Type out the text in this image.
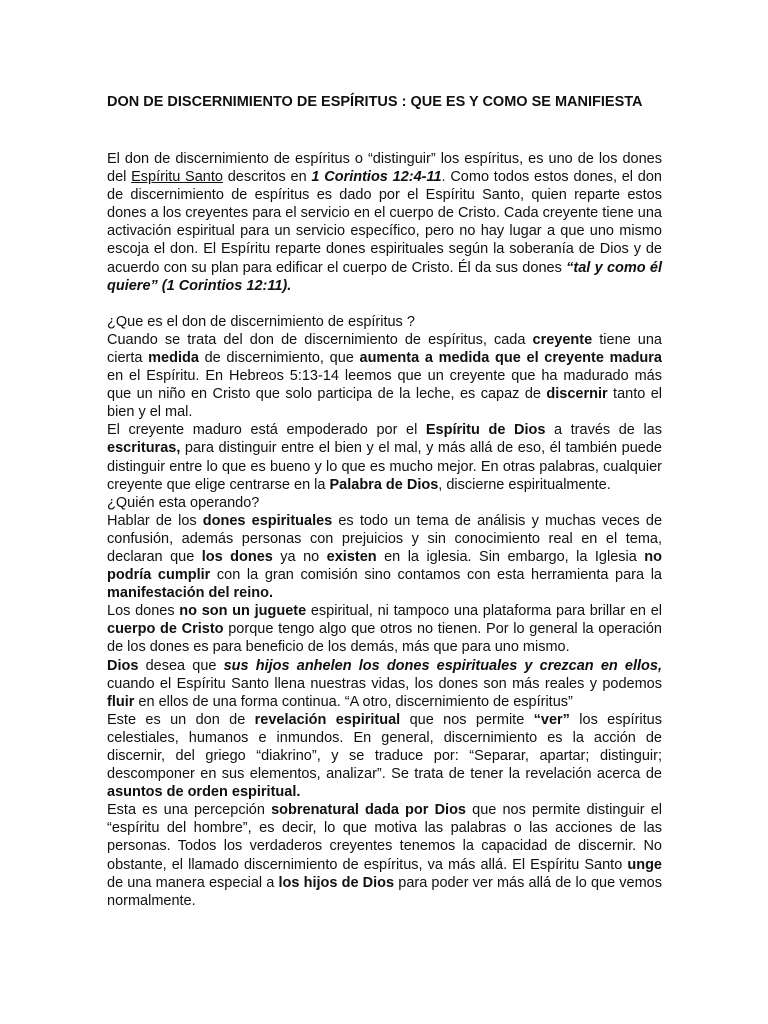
DON DE DISCERNIMIENTO DE ESPÍRITUS : QUE ES Y COMO SE MANIFIESTA

El don de discernimiento de espíritus o “distinguir” los espíritus, es uno de los dones del Espíritu Santo descritos en 1 Corintios 12:4-11. Como todos estos dones, el don de discernimiento de espíritus es dado por el Espíritu Santo, quien reparte estos dones a los creyentes para el servicio en el cuerpo de Cristo. Cada creyente tiene una activación espiritual para un servicio específico, pero no hay lugar a que uno mismo escoja el don. El Espíritu reparte dones espirituales según la soberanía de Dios y de acuerdo con su plan para edificar el cuerpo de Cristo. Él da sus dones “tal y como él quiere” (1 Corintios 12:11).

¿Que es el don de discernimiento de espíritus ?

Cuando se trata del don de discernimiento de espíritus, cada creyente tiene una cierta medida de discernimiento, que aumenta a medida que el creyente madura en el Espíritu. En Hebreos 5:13-14 leemos que un creyente que ha madurado más que un niño en Cristo que solo participa de la leche, es capaz de discernir tanto el bien y el mal.

El creyente maduro está empoderado por el Espíritu de Dios a través de las escrituras, para distinguir entre el bien y el mal, y más allá de eso, él también puede distinguir entre lo que es bueno y lo que es mucho mejor. En otras palabras, cualquier creyente que elige centrarse en la Palabra de Dios, discierne espiritualmente.

¿Quién esta operando?

Hablar de los dones espirituales es todo un tema de análisis y muchas veces de confusión, además personas con prejuicios y sin conocimiento real en el tema, declaran que los dones ya no existen en la iglesia. Sin embargo, la Iglesia no podría cumplir con la gran comisión sino contamos con esta herramienta para la manifestación del reino.

Los dones no son un juguete espiritual, ni tampoco una plataforma para brillar en el cuerpo de Cristo porque tengo algo que otros no tienen. Por lo general la operación de los dones es para beneficio de los demás, más que para uno mismo.

Dios desea que sus hijos anhelen los dones espirituales y crezcan en ellos, cuando el Espíritu Santo llena nuestras vidas, los dones son más reales y podemos fluir en ellos de una forma continua. “A otro, discernimiento de espíritus”

Este es un don de revelación espiritual que nos permite “ver” los espíritus celestiales, humanos e inmundos. En general, discernimiento es la acción de discernir, del griego “diakrino”, y se traduce por: “Separar, apartar; distinguir; descomponer en sus elementos, analizar”. Se trata de tener la revelación acerca de asuntos de orden espiritual.

Esta es una percepción sobrenatural dada por Dios que nos permite distinguir el “espíritu del hombre”, es decir, lo que motiva las palabras o las acciones de las personas. Todos los verdaderos creyentes tenemos la capacidad de discernir. No obstante, el llamado discernimiento de espíritus, va más allá. El Espíritu Santo unge de una manera especial a los hijos de Dios para poder ver más allá de lo que vemos normalmente.
